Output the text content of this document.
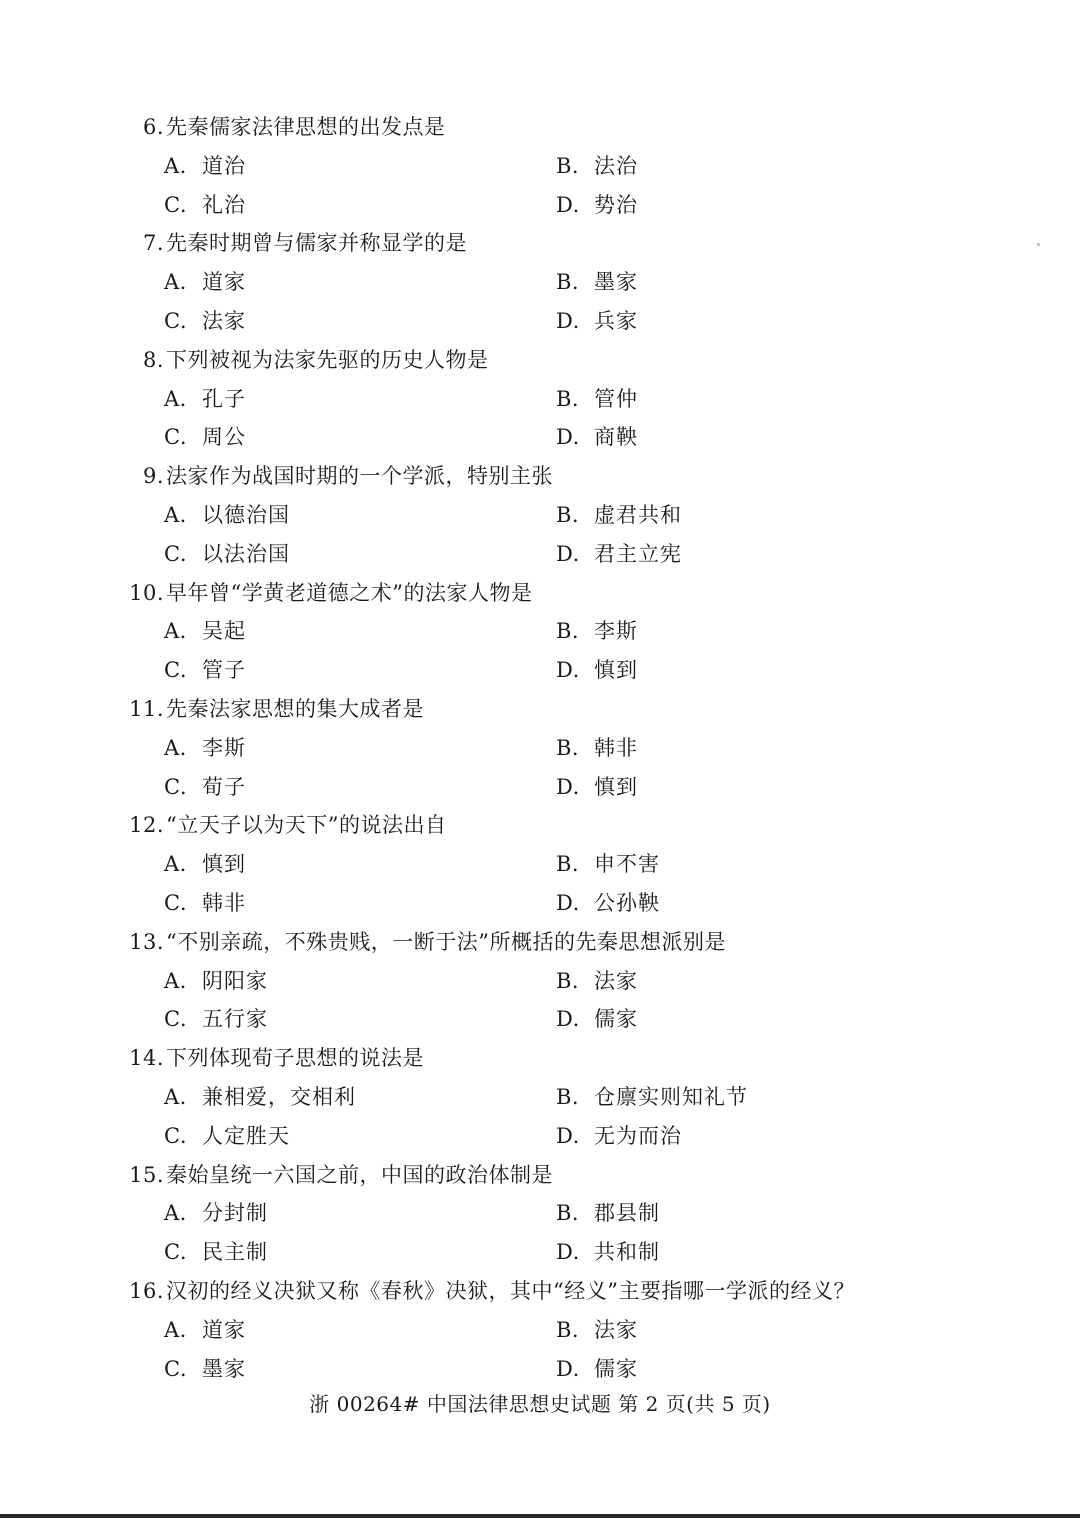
6.先秦儒家法律思想的出发点是
A. 道治	B. 法治
C. 礼治	D. 势治
7.先秦时期曾与儒家并称显学的是
A. 道家	B. 墨家
C. 法家	D. 兵家
8.下列被视为法家先驱的历史人物是
A. 孔子	B. 管仲
C. 周公	D. 商鞅
9.法家作为战国时期的一个学派，特别主张
A. 以德治国	B. 虚君共和
C. 以法治国	D. 君主立宪
10.早年曾“学黄老道德之术”的法家人物是
A. 吴起	B. 李斯
C. 管子	D. 慎到
11.先秦法家思想的集大成者是
A. 李斯	B. 韩非
C. 荀子	D. 慎到
12.“立天子以为天下”的说法出自
A. 慎到	B. 申不害
C. 韩非	D. 公孙鞅
13.“不别亲疏，不殊贵贱，一断于法”所概括的先秦思想派别是
A. 阴阳家	B. 法家
C. 五行家	D. 儒家
14.下列体现荀子思想的说法是
A. 兼相爱，交相利	B. 仓廪实则知礼节
C. 人定胜天	D. 无为而治
15.秦始皇统一六国之前，中国的政治体制是
A. 分封制	B. 郡县制
C. 民主制	D. 共和制
16.汉初的经义决狱又称《春秋》决狱，其中“经义”主要指哪一学派的经义？
A. 道家	B. 法家
C. 墨家	D. 儒家
浙 00264# 中国法律思想史试题 第 2 页(共 5 页)
